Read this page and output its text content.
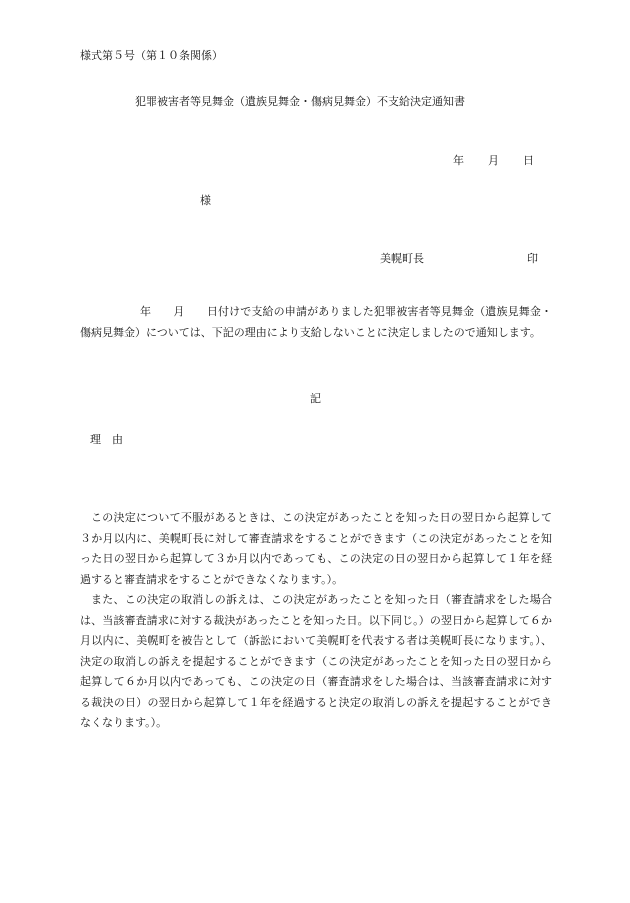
様式第５号（第１０条関係）
犯罪被害者等見舞金（遺族見舞金・傷病見舞金）不支給決定通知書
年 月 日
様
美幌町長	印
年　　月　　日付けで支給の申請がありました犯罪被害者等見舞金（遺族見舞金・傷病見舞金）については、下記の理由により支給しないことに決定しましたので通知します。
記
理　由

この決定について不服があるときは、この決定があったことを知った日の翌日から起算して３か月以内に、美幌町長に対して審査請求をすることができます（この決定があったことを知った日の翌日から起算して３か月以内であっても、この決定の日の翌日から起算して１年を経過すると審査請求をすることができなくなります。）。

また、この決定の取消しの訴えは、この決定があったことを知った日（審査請求をした場合は、当該審査請求に対する裁決があったことを知った日。以下同じ。）の翌日から起算して６か月以内に、美幌町を被告として（訴訟において美幌町を代表する者は美幌町長になります。）、決定の取消しの訴えを提起することができます（この決定があったことを知った日の翌日から起算して６か月以内であっても、この決定の日（審査請求をした場合は、当該審査請求に対する裁決の日）の翌日から起算して１年を経過すると決定の取消しの訴えを提起することができなくなります。）。
